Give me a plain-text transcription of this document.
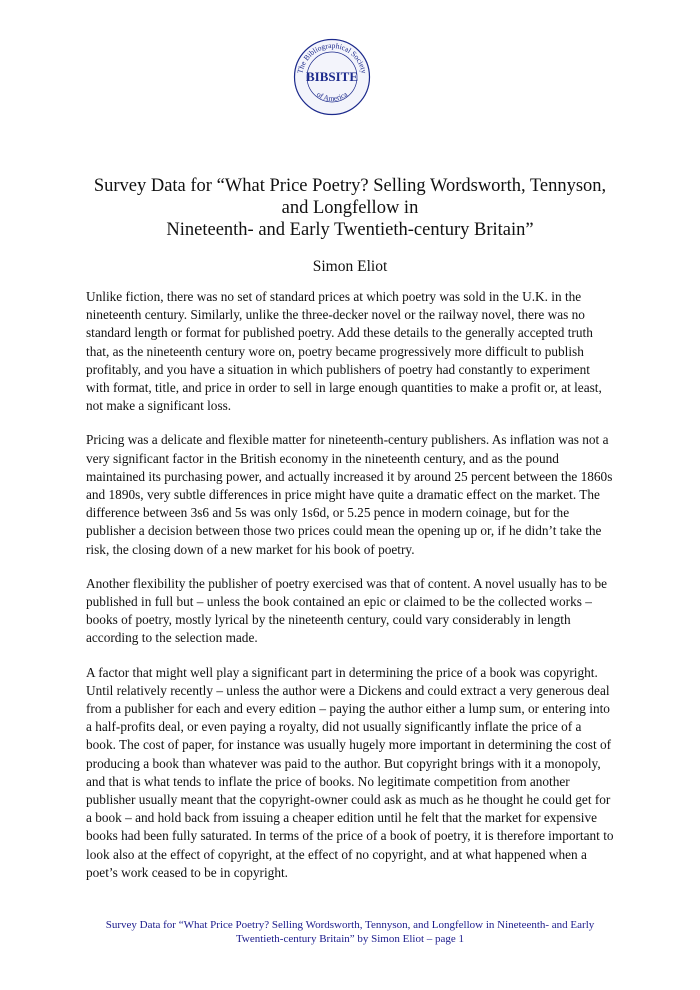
The Bibliographical Society
of America
BIBSITE
Survey Data for “What Price Poetry? Selling Wordsworth, Tennyson,
and Longfellow in
Nineteenth- and Early Twentieth-century Britain”
Simon Eliot

Unlike fiction, there was no set of standard prices at which poetry was sold in the U.K. in the nineteenth century. Similarly, unlike the three-decker novel or the railway novel, there was no standard length or format for published poetry. Add these details to the generally accepted truth that, as the nineteenth century wore on, poetry became progressively more difficult to publish profitably, and you have a situation in which publishers of poetry had constantly to experiment with format, title, and price in order to sell in large enough quantities to make a profit or, at least, not make a significant loss.

Pricing was a delicate and flexible matter for nineteenth-century publishers. As inflation was not a very significant factor in the British economy in the nineteenth century, and as the pound maintained its purchasing power, and actually increased it by around 25 percent between the 1860s and 1890s, very subtle differences in price might have quite a dramatic effect on the market. The difference between 3s6 and 5s was only 1s6d, or 5.25 pence in modern coinage, but for the publisher a decision between those two prices could mean the opening up or, if he didn’t take the risk, the closing down of a new market for his book of poetry.

Another flexibility the publisher of poetry exercised was that of content. A novel usually has to be published in full but – unless the book contained an epic or claimed to be the collected works – books of poetry, mostly lyrical by the nineteenth century, could vary considerably in length according to the selection made.

A factor that might well play a significant part in determining the price of a book was copyright. Until relatively recently – unless the author were a Dickens and could extract a very generous deal from a publisher for each and every edition – paying the author either a lump sum, or entering into a half-profits deal, or even paying a royalty, did not usually significantly inflate the price of a book. The cost of paper, for instance was usually hugely more important in determining the cost of producing a book than whatever was paid to the author. But copyright brings with it a monopoly, and that is what tends to inflate the price of books. No legitimate competition from another publisher usually meant that the copyright-owner could ask as much as he thought he could get for a book – and hold back from issuing a cheaper edition until he felt that the market for expensive books had been fully saturated. In terms of the price of a book of poetry, it is therefore important to look also at the effect of copyright, at the effect of no copyright, and at what happened when a poet’s work ceased to be in copyright.

Survey Data for “What Price Poetry? Selling Wordsworth, Tennyson, and Longfellow in Nineteenth- and Early
Twentieth-century Britain” by Simon Eliot – page 1
